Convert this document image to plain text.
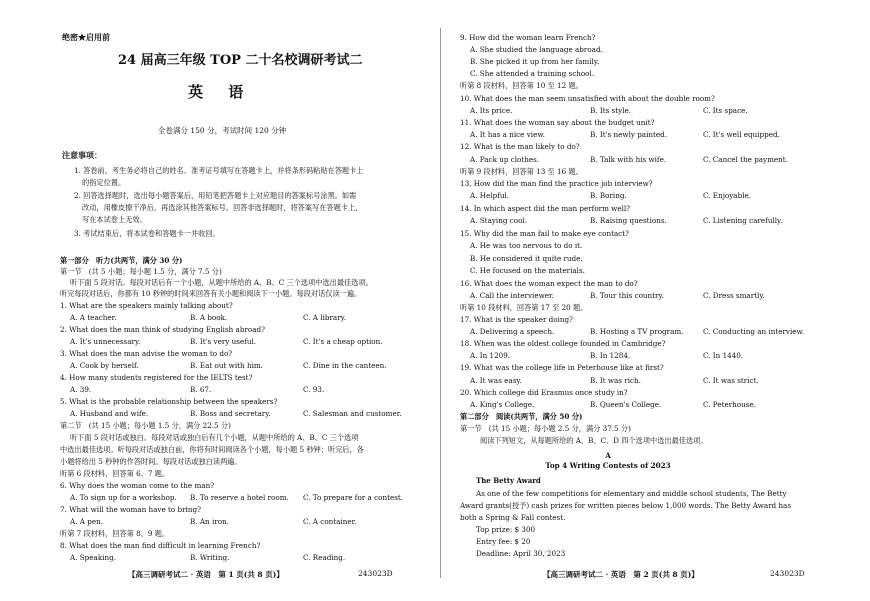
绝密★启用前
24 届高三年级 TOP 二十名校调研考试二
英 语
全卷满分 150 分，考试时间 120 分钟
注意事项：
1. 答卷前，考生务必将自己的姓名、准考证号填写在答题卡上，并将条形码粘贴在答题卡上
的指定位置。
2. 回答选择题时，选出每小题答案后，用铅笔把答题卡上对应题目的答案标号涂黑。如需
改动，用橡皮擦干净后，再选涂其他答案标号。回答非选择题时，将答案写在答题卡上，
写在本试卷上无效。
3. 考试结束后，将本试卷和答题卡一并收回。
第一部分　听力(共两节，满分 30 分)
第一节　(共 5 小题；每小题 1.5 分，满分 7.5 分)
听下面 5 段对话。每段对话后有一个小题，从题中所给的 A、B、C 三个选项中选出最佳选项。
听完每段对话后，你都有 10 秒钟的时间来回答有关小题和阅读下一小题。每段对话仅读一遍。
1. What are the speakers mainly talking about?
A. A teacher.	B. A book.	C. A library.
2. What does the man think of studying English abroad?
A. It's unnecessary.	B. It's very useful.	C. It's a cheap option.
3. What does the man advise the woman to do?
A. Cook by herself.	B. Eat out with him.	C. Dine in the canteen.
4. How many students registered for the IELTS test?
A. 39.	B. 67.	C. 93.
5. What is the probable relationship between the speakers?
A. Husband and wife.	B. Boss and secretary.	C. Salesman and customer.
第二节　(共 15 小题；每小题 1.5 分，满分 22.5 分)
听下面 5 段对话或独白。每段对话或独白后有几个小题，从题中所给的 A、B、C 三个选项
中选出最佳选项。听每段对话或独白前，你将有时间阅读各个小题，每小题 5 秒钟；听完后，各
小题将给出 5 秒钟的作答时间。每段对话或独白读两遍。
听第 6 段材料，回答第 6、7 题。
6. Why does the woman come to the man?
A. To sign up for a workshop. B. To reserve a hotel room. C. To prepare for a contest.
7. What will the woman have to bring?
A. A pen.	B. An iron.	C. A container.
听第 7 段材料，回答第 8、9 题。
8. What does the man find difficult in learning French?
A. Speaking.	B. Writing.	C. Reading.
【高三调研考试二 · 英语　第 1 页(共 8 页)】	243023D
9. How did the woman learn French?
A. She studied the language abroad.
B. She picked it up from her family.
C. She attended a training school.
听第 8 段材料，回答第 10 至 12 题。
10. What does the man seem unsatisfied with about the double room?
A. Its price.	B. Its style.	C. Its space.
11. What does the woman say about the budget unit?
A. It has a nice view.	B. It's newly painted.	C. It's well equipped.
12. What is the man likely to do?
A. Pack up clothes.	B. Talk with his wife.	C. Cancel the payment.
听第 9 段材料，回答第 13 至 16 题。
13. How did the man find the practice job interview?
A. Helpful.	B. Boring.	C. Enjoyable.
14. In which aspect did the man perform well?
A. Staying cool.	B. Raising questions.	C. Listening carefully.
15. Why did the man fail to make eye contact?
A. He was too nervous to do it.
B. He considered it quite rude.
C. He focused on the materials.
16. What does the woman expect the man to do?
A. Call the interviewer.	B. Tour this country.	C. Dress smartly.
听第 10 段材料，回答第 17 至 20 题。
17. What is the speaker doing?
A. Delivering a speech.	B. Hosting a TV program.	C. Conducting an interview.
18. When was the oldest college founded in Cambridge?
A. In 1209.	B. In 1284.	C. In 1440.
19. What was the college life in Peterhouse like at first?
A. It was easy.	B. It was rich.	C. It was strict.
20. Which college did Erasmus once study in?
A. King's College.	B. Queen's College.	C. Peterhouse.
第二部分　阅读(共两节，满分 50 分)
第一节　(共 15 小题；每小题 2.5 分，满分 37.5 分)
阅读下列短文，从每题所给的 A、B、C、D 四个选项中选出最佳选项。
A
Top 4 Writing Contests of 2023
The Betty Award
As one of the few competitions for elementary and middle school students, The Betty
Award grants(授予) cash prizes for written pieces below 1,000 words. The Betty Award has
both a Spring & Fall contest.
Top prize: $ 300
Entry fee: $ 20
Deadline: April 30, 2023
【高三调研考试二 · 英语　第 2 页(共 8 页)】	243023D
